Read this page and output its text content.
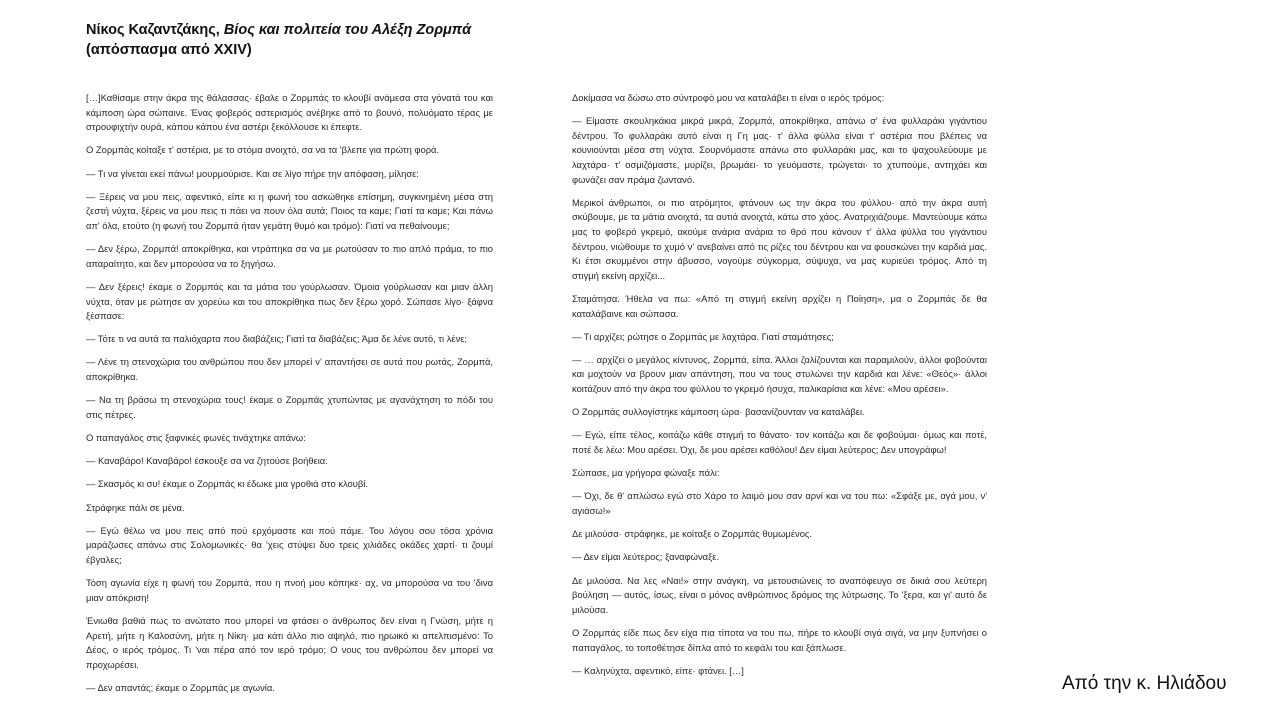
Νίκος Καζαντζάκης, Βίος και πολιτεία του Αλέξη Ζορμπά
(απόσπασμα από XXIV)

[…]Καθίσαμε στην άκρα της θάλασσας· έβαλε ο Ζορμπάς το κλουβί ανάμεσα στα γόνατά του και κάμποση ώρα σώπαινε. Ένας φοβερός αστερισμός ανέβηκε από το βουνό, πολυόματο τέρας με στρουφιχτήν ουρά, κάπου κάπου ένα αστέρι ξεκόλλουσε κι έπεφτε.

Ο Ζορμπάς κοίταξε τ' αστέρια, με το στόμα ανοιχτό, σα να τα 'βλεπε για πρώτη φορά.

— Τι να γίνεται εκεί πάνω! μουρμούρισε. Και σε λίγο πήρε την απόφαση, μίλησε:

— Ξέρεις να μου πεις, αφεντικό, είπε κι η φωνή του ασκώθηκε επίσημη, συγκινημένη μέσα στη ζεστή νύχτα, ξέρεις να μου πεις τι πάει να πουν όλα αυτά; Ποιος τα καμε; Γιατί τα καμε; Και πάνω απ' όλα, ετούτο (η φωνή του Ζορμπά ήταν γεμάτη θυμό και τρόμο): Γιατί να πεθαίνουμε;

— Δεν ξέρω, Ζορμπά! αποκρίθηκα, και ντράπηκα σα να με ρωτούσαν το πιο απλό πράμα, το πιο απαραίτητο, και δεν μπορούσα να το ξηγήσω.

— Δεν ξέρεις! έκαμε ο Ζορμπάς και τα μάτια του γούρλωσαν. Όμοια γούρλωσαν και μιαν άλλη νύχτα, όταν με ρώτησε αν χορεύω και του αποκρίθηκα πως δεν ξέρω χορό. Σώπασε λίγο· ξάφνα ξέσπασε:

— Τότε τι να αυτά τα παλιόχαρτα που διαβάζεις; Γιατί τα διαβάζεις; Άμα δε λένε αυτό, τι λένε;

— Λένε τη στενοχώρια του ανθρώπου που δεν μπορεί ν' απαντήσει σε αυτά που ρωτάς, Ζορμπά, αποκρίθηκα.

— Να τη βράσω τη στενοχώρια τους! έκαμε ο Ζορμπάς χτυπώντας με αγανάχτηση το πόδι του στις πέτρες.

Ο παπαγάλος στις ξαφνικές φωνές τινάχτηκε απάνω:

— Καναβάρο! Καναβάρο! έσκουξε σα να ζητούσε βοήθεια.

— Σκασμός κι συ! έκαμε ο Ζορμπάς κι έδωκε μια γροθιά στο κλουβί.

Στράφηκε πάλι σε μένα.

— Εγώ θέλω να μου πεις από πού ερχόμαστε και πού πάμε. Του λόγου σου τόσα χρόνια μαράζωσες απάνω στις Σολομωνικές· θα 'χεις στύψει δυο τρεις χιλιάδες οκάδες χαρτί· τι ζουμί έβγαλες;

Τόση αγωνία είχε η φωνή του Ζορμπά, που η πνοή μου κόπηκε· αχ, να μπορούσα να του 'δινα μιαν απόκριση!

Ένιωθα βαθιά πως το ανώτατο που μπορεί να φτάσει ο άνθρωπος δεν είναι η Γνώση, μήτε η Αρετή, μήτε η Καλοσύνη, μήτε η Νίκη· μα κάτι άλλο πιο αψηλό, πιο ηρωικό κι απελπισμένο: Το Δέος, ο ιερός τρόμος. Τι 'ναι πέρα από τον ιερό τρόμο; Ο νους του ανθρώπου δεν μπορεί να προχωρέσει.

— Δεν απαντάς; έκαμε ο Ζορμπάς με αγωνία.

Δοκίμασα να δώσω στο σύντροφό μου να καταλάβει τι είναι ο ιερός τρόμος:

— Είμαστε σκουληκάκια μικρά μικρά, Ζορμπά, αποκρίθηκα, απάνω σ' ένα φυλλαράκι γιγάντιου δέντρου. Το φυλλαράκι αυτό είναι η Γη μας· τ' άλλα φύλλα είναι τ' αστέρια που βλέπεις να κουνιούνται μέσα στη νύχτα. Σουρνόμαστε απάνω στο φυλλαράκι μας, και το ψαχουλεύουμε με λαχτάρα· τ' οσμιζόμαστε, μυρίζει, βρωμάει· το γευόμαστε, τρώγεται· το χτυπούμε, αντηχάει και φωνάζει σαν πράμα ζωντανό.

Μερικοί άνθρωποι, οι πιο ατρόμητοι, φτάνουν ως την άκρα του φύλλου· από την άκρα αυτή σκύβουμε, με τα μάτια ανοιχτά, τα αυτιά ανοιχτά, κάτω στο χάος. Ανατριχιάζουμε. Μαντεύουμε κάτω μας το φοβερό γκρεμό, ακούμε ανάρια ανάρια το θρό που κάνουν τ' άλλα φύλλα του γιγάντιου δέντρου, νιώθουμε το χυμό ν' ανεβαίνει από τις ρίζες του δέντρου και να φουσκώνει την καρδιά μας. Κι έτσι σκυμμένοι στην άβυσσο, νογούμε σύγκορμα, σύψυχα, να μας κυριεύει τρόμος. Από τη στιγμή εκείνη αρχίζει...

Σταμάτησα. Ήθελα να πω: «Από τη στιγμή εκείνη αρχίζει η Ποίηση», μα ο Ζορμπάς δε θα καταλάβαινε και σώπασα.

— Τι αρχίζει; ρώτησε ο Ζορμπάς με λαχτάρα. Γιατί σταμάτησες;

— … αρχίζει ο μεγάλος κίντυνος, Ζορμπά, είπα. Άλλοι ζαλίζουνται και παραμιλούν, άλλοι φοβούνται και μοχτούν να βρουν μιαν απάντηση, που να τους στυλώνει την καρδιά και λένε: «Θεός»· άλλοι κοιτάζουν από την άκρα του φύλλου το γκρεμό ήσυχα, παλικαρίσια και λένε: «Μου αρέσει».

Ο Ζορμπάς συλλογίστηκε κάμποση ώρα· βασανίζουνταν να καταλάβει.

— Εγώ, είπε τέλος, κοιτάζω κάθε στιγμή το θάνατο· τον κοιτάζω και δε φοβούμαι· όμως και ποτέ, ποτέ δε λέω: Μου αρέσει. Όχι, δε μου αρέσει καθόλου! Δεν είμαι λεύτερος; Δεν υπογράφω!

Σώπασε, μα γρήγορα φώναξε πάλι:

— Όχι, δε θ' απλώσω εγώ στο Χάρο το λαιμό μου σαν αρνί και να του πω: «Σφάξε με, αγά μου, ν' αγιάσω!»

Δε μιλούσα· στράφηκε, με κοίταξε ο Ζορμπάς θυμωμένος.

— Δεν είμαι λεύτερος; ξαναφώναξε.

Δε μιλούσα. Να λες «Ναι!» στην ανάγκη, να μετουσιώνεις το αναπόφευγο σε δικιά σου λεύτερη βούληση — αυτός, ίσως, είναι ο μόνος ανθρώπινος δρόμος της λύτρωσης. Το 'ξερα, και γι' αυτό δε μιλούσα.

Ο Ζορμπάς είδε πως δεν είχα πια τίποτα να του πω, πήρε το κλουβί σιγά σιγά, να μην ξυπνήσει ο παπαγάλος, το τοποθέτησε δίπλα από το κεφάλι του και ξάπλωσε.

— Καληνύχτα, αφεντικό, είπε· φτάνει. […]

Από την κ. Ηλιάδου
